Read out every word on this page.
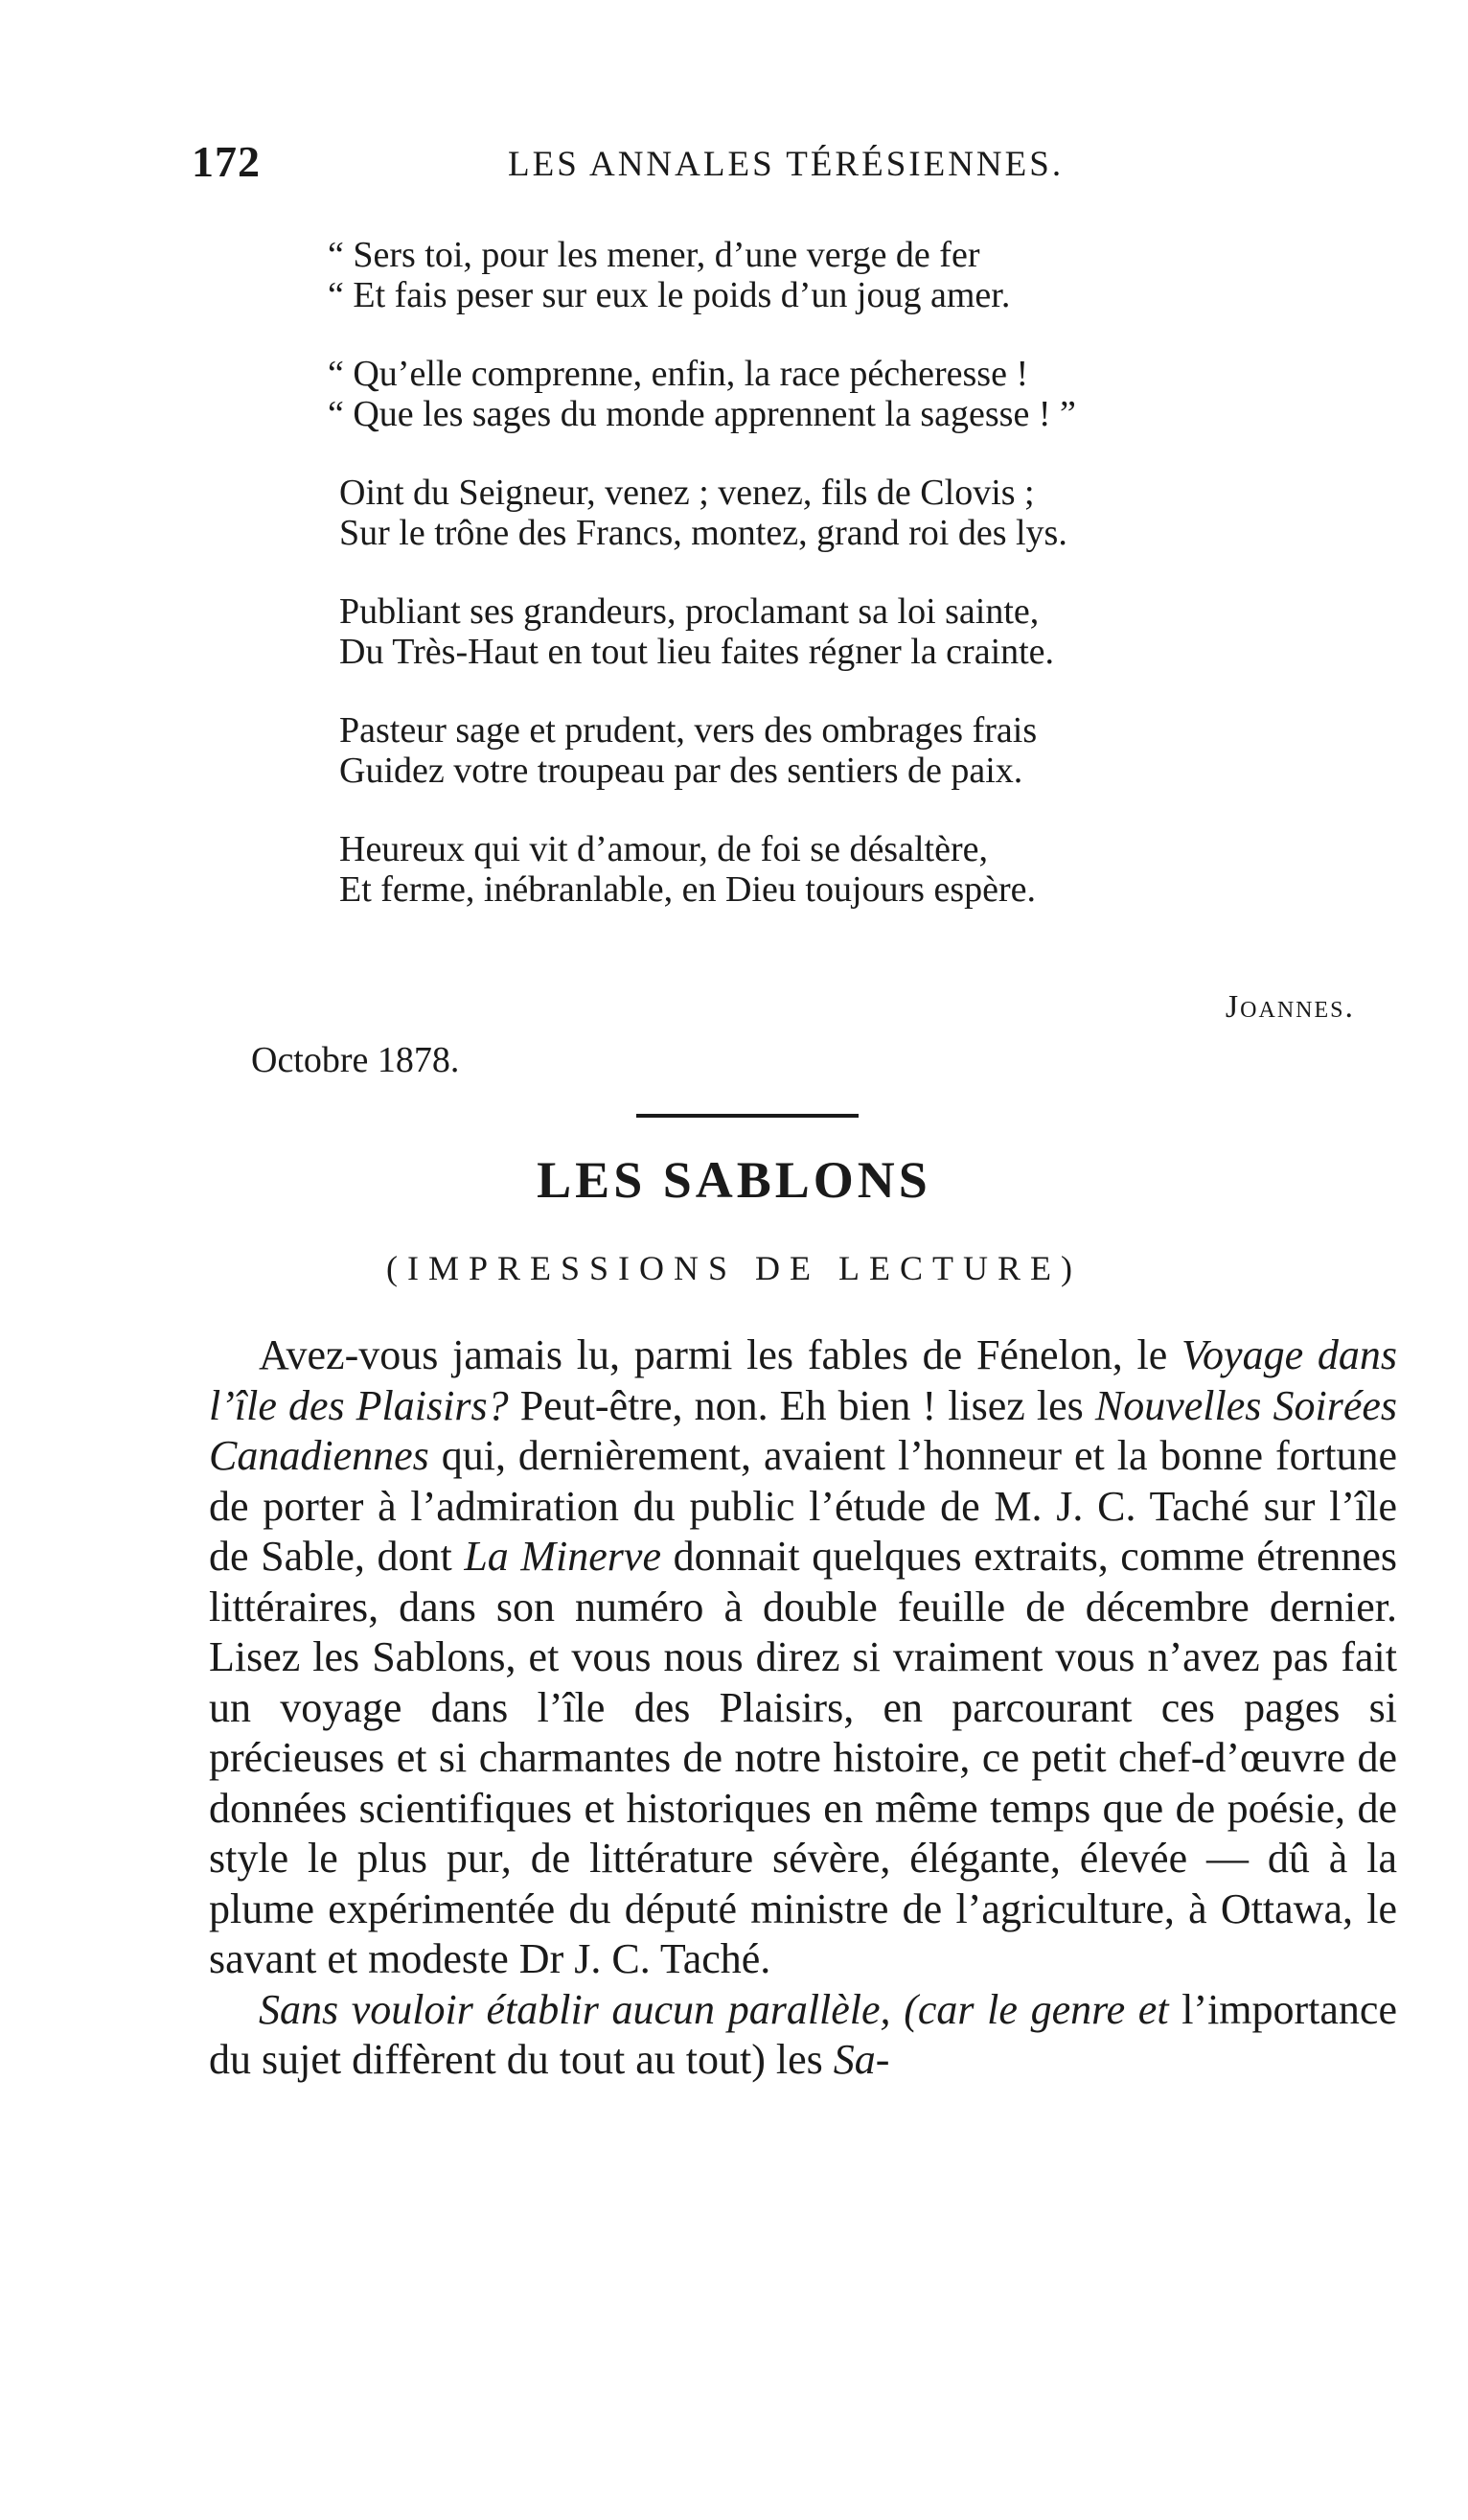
172	LES ANNALES TÉRÉSIENNES.
“ Sers toi, pour les mener, d’une verge de fer
“ Et fais peser sur eux le poids d’un joug amer.
“ Qu’elle comprenne, enfin, la race pécheresse !
“ Que les sages du monde apprennent la sagesse ! ”
Oint du Seigneur, venez ; venez, fils de Clovis ;
Sur le trône des Francs, montez, grand roi des lys.
Publiant ses grandeurs, proclamant sa loi sainte,
Du Très-Haut en tout lieu faites régner la crainte.
Pasteur sage et prudent, vers des ombrages frais
Guidez votre troupeau par des sentiers de paix.
Heureux qui vit d’amour, de foi se désaltère,
Et ferme, inébranlable, en Dieu toujours espère.
Joannes.
Octobre 1878.
LES SABLONS
(IMPRESSIONS DE LECTURE)

Avez-vous jamais lu, parmi les fables de Fénelon, le Voyage dans l’île des Plaisirs? Peut-être, non. Eh bien ! lisez les Nouvelles Soirées Canadiennes qui, dernièrement, avaient l’honneur et la bonne fortune de porter à l’admiration du public l’étude de M. J. C. Taché sur l’île de Sable, dont La Minerve donnait quelques extraits, comme étrennes littéraires, dans son numéro à double feuille de décembre dernier. Lisez les Sablons, et vous nous direz si vraiment vous n’avez pas fait un voyage dans l’île des Plaisirs, en parcourant ces pages si précieuses et si charmantes de notre histoire, ce petit chef-d’œuvre de données scientifiques et historiques en même temps que de poésie, de style le plus pur, de littérature sévère, élégante, élevée — dû à la plume expérimentée du député ministre de l’agriculture, à Ottawa, le savant et modeste Dr J. C. Taché.

Sans vouloir établir aucun parallèle, (car le genre et l’importance du sujet diffèrent du tout au tout) les Sa-
